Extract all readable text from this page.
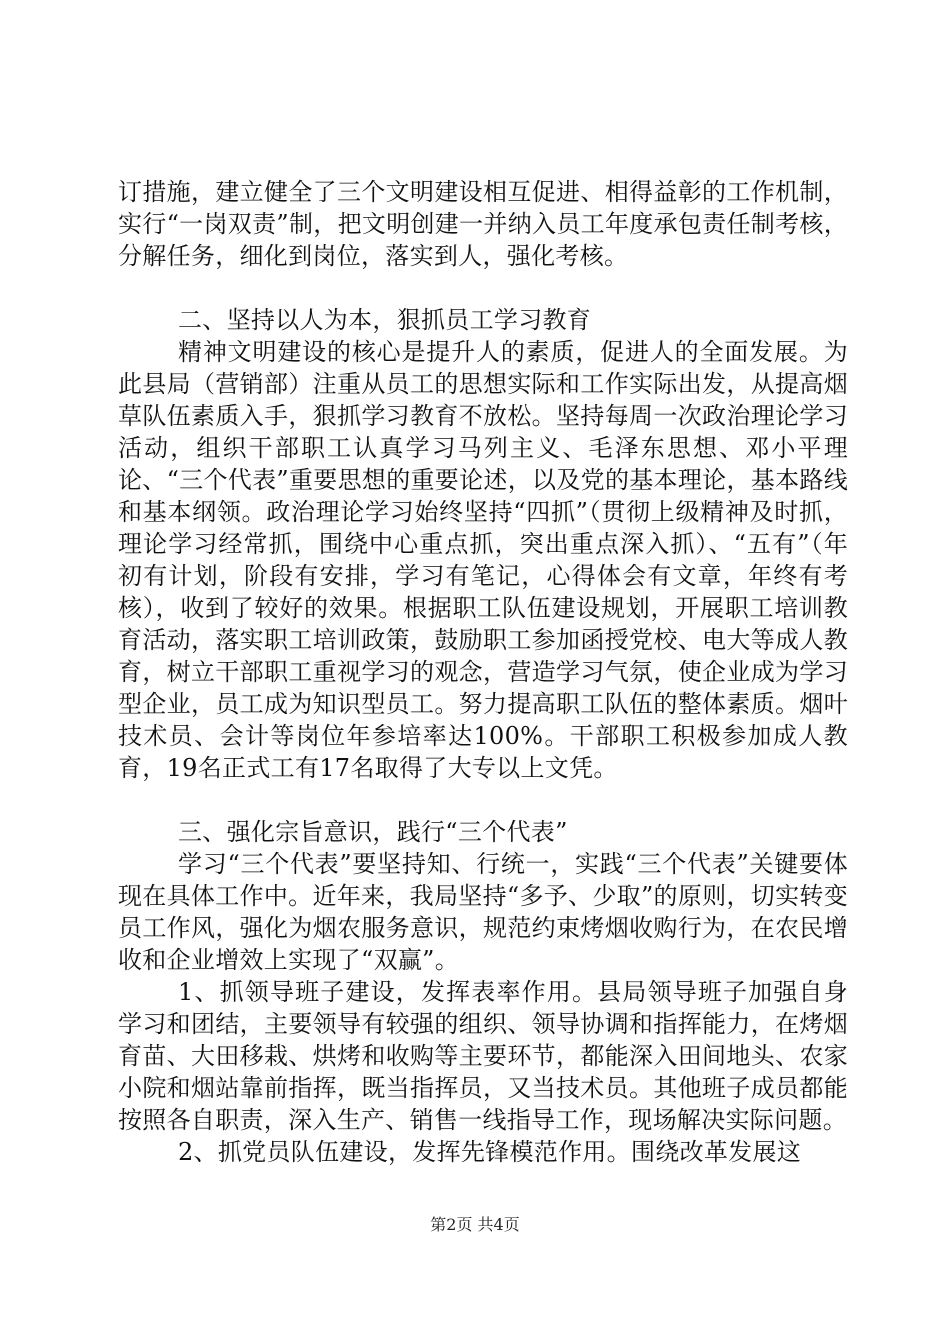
订措施，建立健全了三个文明建设相互促进、相得益彰的工作机制，实行“一岗双责”制，把文明创建一并纳入员工年度承包责任制考核，分解任务，细化到岗位，落实到人，强化考核。

二、坚持以人为本，狠抓员工学习教育

精神文明建设的核心是提升人的素质，促进人的全面发展。为此县局（营销部）注重从员工的思想实际和工作实际出发，从提高烟草队伍素质入手，狠抓学习教育不放松。坚持每周一次政治理论学习活动，组织干部职工认真学习马列主义、毛泽东思想、邓小平理论、“三个代表”重要思想的重要论述，以及党的基本理论，基本路线和基本纲领。政治理论学习始终坚持“四抓”（贯彻上级精神及时抓，理论学习经常抓，围绕中心重点抓，突出重点深入抓）、“五有”（年初有计划，阶段有安排，学习有笔记，心得体会有文章，年终有考核），收到了较好的效果。根据职工队伍建设规划，开展职工培训教育活动，落实职工培训政策，鼓励职工参加函授党校、电大等成人教育，树立干部职工重视学习的观念，营造学习气氛，使企业成为学习型企业，员工成为知识型员工。努力提高职工队伍的整体素质。烟叶技术员、会计等岗位年参培率达100%。干部职工积极参加成人教育，19名正式工有17名取得了大专以上文凭。

三、强化宗旨意识，践行“三个代表”

学习“三个代表”要坚持知、行统一，实践“三个代表”关键要体现在具体工作中。近年来，我局坚持“多予、少取”的原则，切实转变员工作风，强化为烟农服务意识，规范约束烤烟收购行为，在农民增收和企业增效上实现了“双赢”。

1、抓领导班子建设，发挥表率作用。县局领导班子加强自身学习和团结，主要领导有较强的组织、领导协调和指挥能力，在烤烟育苗、大田移栽、烘烤和收购等主要环节，都能深入田间地头、农家小院和烟站靠前指挥，既当指挥员，又当技术员。其他班子成员都能按照各自职责，深入生产、销售一线指导工作，现场解决实际问题。

2、抓党员队伍建设，发挥先锋模范作用。围绕改革发展这

第2页 共4页
